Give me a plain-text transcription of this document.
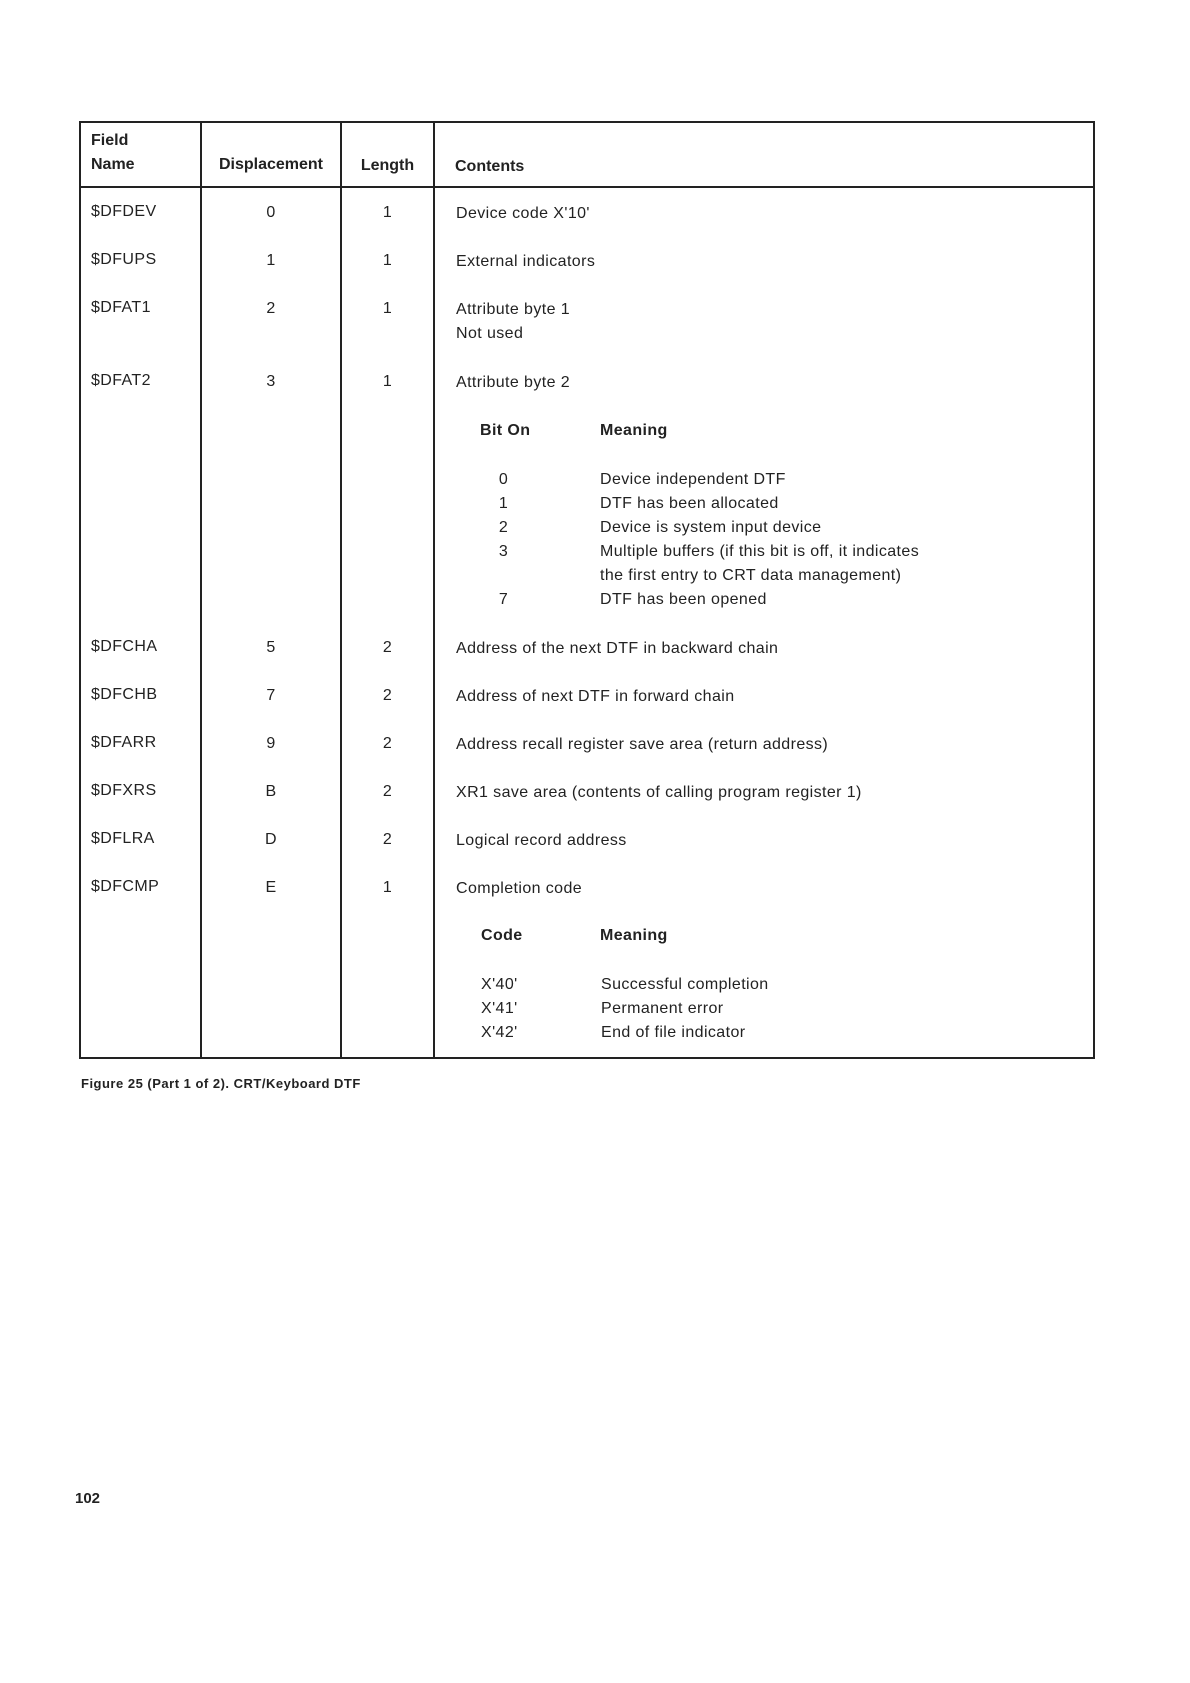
Field
Name	Displacement	Length	Contents
$DFDEV	0	1	Device code X'10'
$DFUPS	1	1	External indicators
$DFAT1	2	1	Attribute byte 1
Not used
$DFAT2	3	1	Attribute byte 2
Bit On	Meaning
0	Device independent DTF
1	DTF has been allocated
2	Device is system input device
3	Multiple buffers (if this bit is off, it indicates
the first entry to CRT data management)
7	DTF has been opened
$DFCHA	5	2	Address of the next DTF in backward chain
$DFCHB	7	2	Address of next DTF in forward chain
$DFARR	9	2	Address recall register save area (return address)
$DFXRS	B	2	XR1 save area (contents of calling program register 1)
$DFLRA	D	2	Logical record address
$DFCMP	E	1	Completion code
Code	Meaning
X'40'	Successful completion
X'41'	Permanent error
X'42'	End of file indicator
Figure 25 (Part 1 of 2). CRT/Keyboard DTF
102
